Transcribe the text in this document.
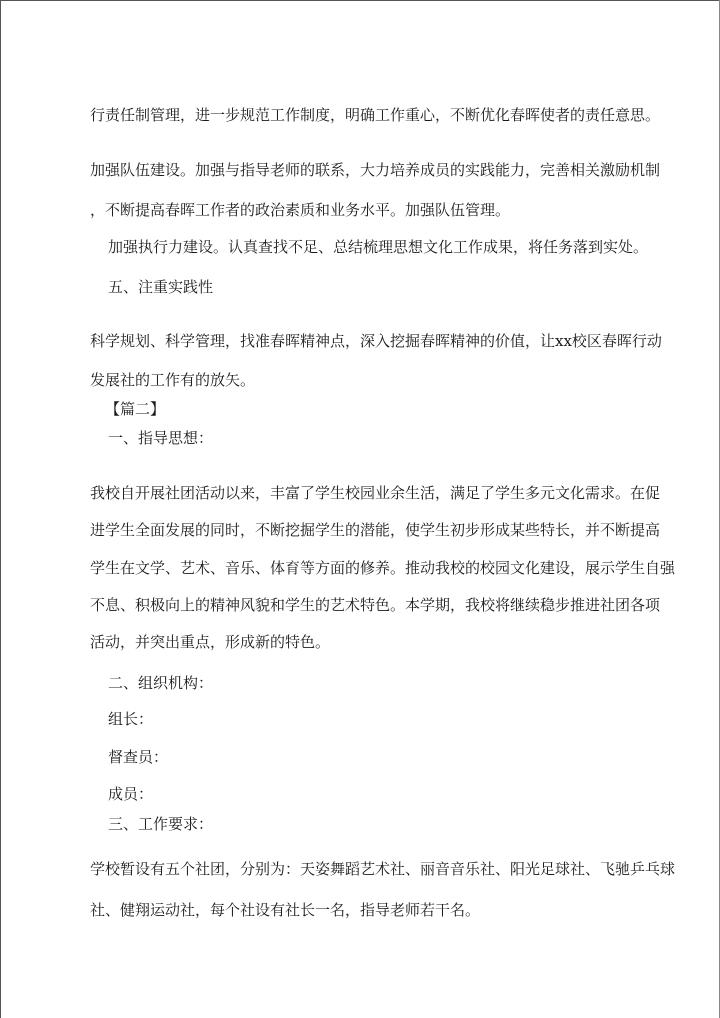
行责任制管理，进一步规范工作制度，明确工作重心，不断优化春晖使者的责任意思。
加强队伍建设。加强与指导老师的联系，大力培养成员的实践能力，完善相关激励机制
，不断提高春晖工作者的政治素质和业务水平。加强队伍管理。
加强执行力建设。认真查找不足、总结梳理思想文化工作成果，将任务落到实处。
五、注重实践性
科学规划、科学管理，找准春晖精神点，深入挖掘春晖精神的价值，让xx校区春晖行动
发展社的工作有的放矢。
【篇二】
一、指导思想：
我校自开展社团活动以来，丰富了学生校园业余生活，满足了学生多元文化需求。在促
进学生全面发展的同时，不断挖掘学生的潜能，使学生初步形成某些特长，并不断提高
学生在文学、艺术、音乐、体育等方面的修养。推动我校的校园文化建设，展示学生自强
不息、积极向上的精神风貌和学生的艺术特色。本学期，我校将继续稳步推进社团各项
活动，并突出重点，形成新的特色。
二、组织机构：
组长：
督查员：
成员：
三、工作要求：
学校暂设有五个社团，分别为：天姿舞蹈艺术社、丽音音乐社、阳光足球社、飞驰乒乓球
社、健翔运动社，每个社设有社长一名，指导老师若干名。
